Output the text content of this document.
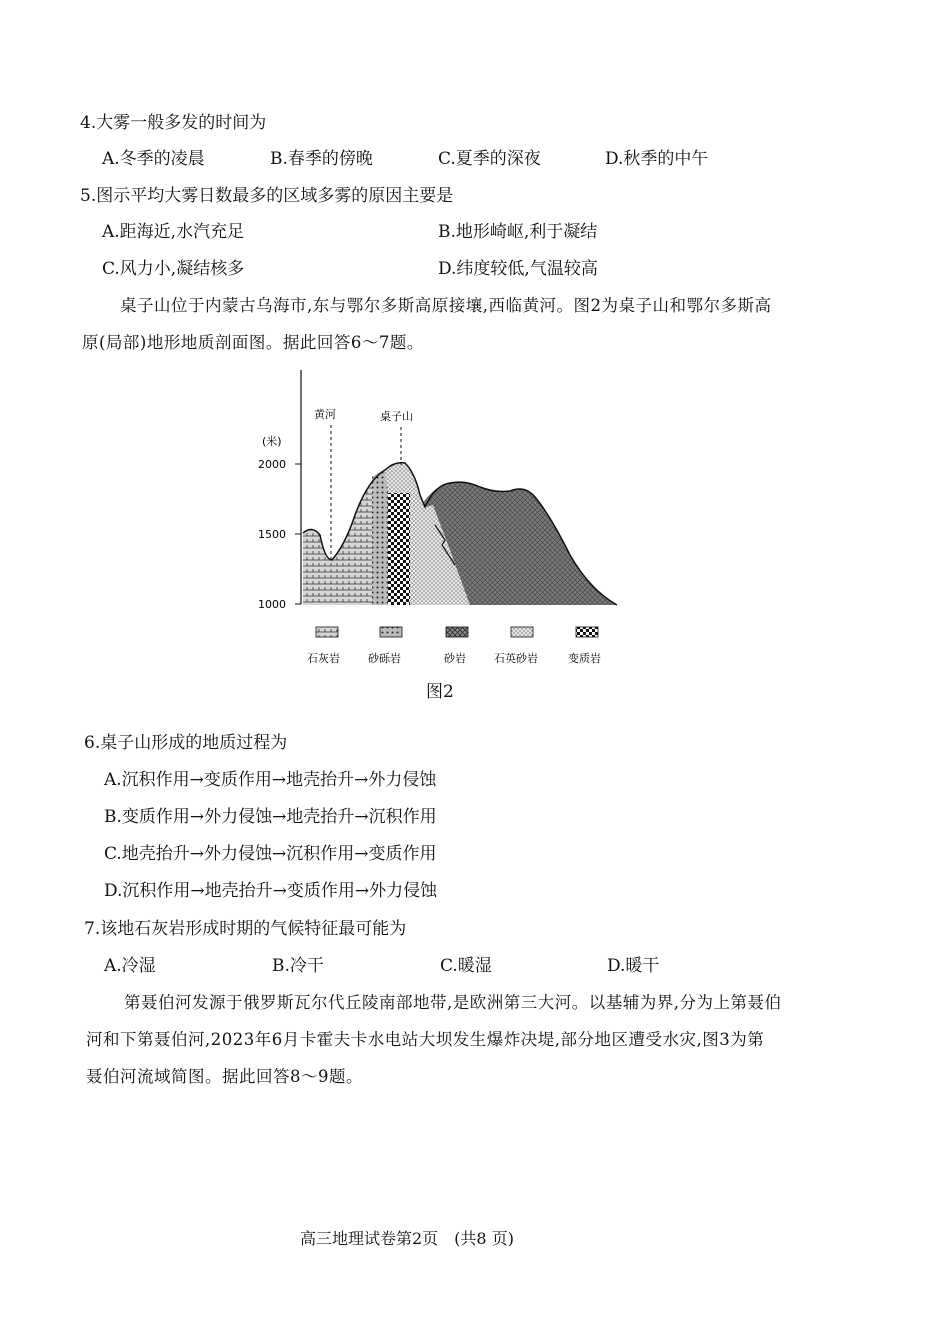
4.大雾一般多发的时间为
A.冬季的凌晨	B.春季的傍晚	C.夏季的深夜	D.秋季的中午
5.图示平均大雾日数最多的区域多雾的原因主要是
A.距海近,水汽充足	B.地形崎岖,利于凝结
C.风力小,凝结核多	D.纬度较低,气温较高
桌子山位于内蒙古乌海市,东与鄂尔多斯高原接壤,西临黄河。图2为桌子山和鄂尔多斯高
原(局部)地形地质剖面图。据此回答6～7题。
(米)
2000
1500
1000
黄河	桌子山
石灰岩	砂砾岩	砂岩	石英砂岩	变质岩
图2
6.桌子山形成的地质过程为
A.沉积作用→变质作用→地壳抬升→外力侵蚀
B.变质作用→外力侵蚀→地壳抬升→沉积作用
C.地壳抬升→外力侵蚀→沉积作用→变质作用
D.沉积作用→地壳抬升→变质作用→外力侵蚀
7.该地石灰岩形成时期的气候特征最可能为
A.冷湿	B.冷干	C.暖湿	D.暖干
第聂伯河发源于俄罗斯瓦尔代丘陵南部地带,是欧洲第三大河。以基辅为界,分为上第聂伯
河和下第聂伯河,2023年6月卡霍夫卡水电站大坝发生爆炸决堤,部分地区遭受水灾,图3为第
聂伯河流域简图。据此回答8～9题。
高三地理试卷第2页　(共8 页)
